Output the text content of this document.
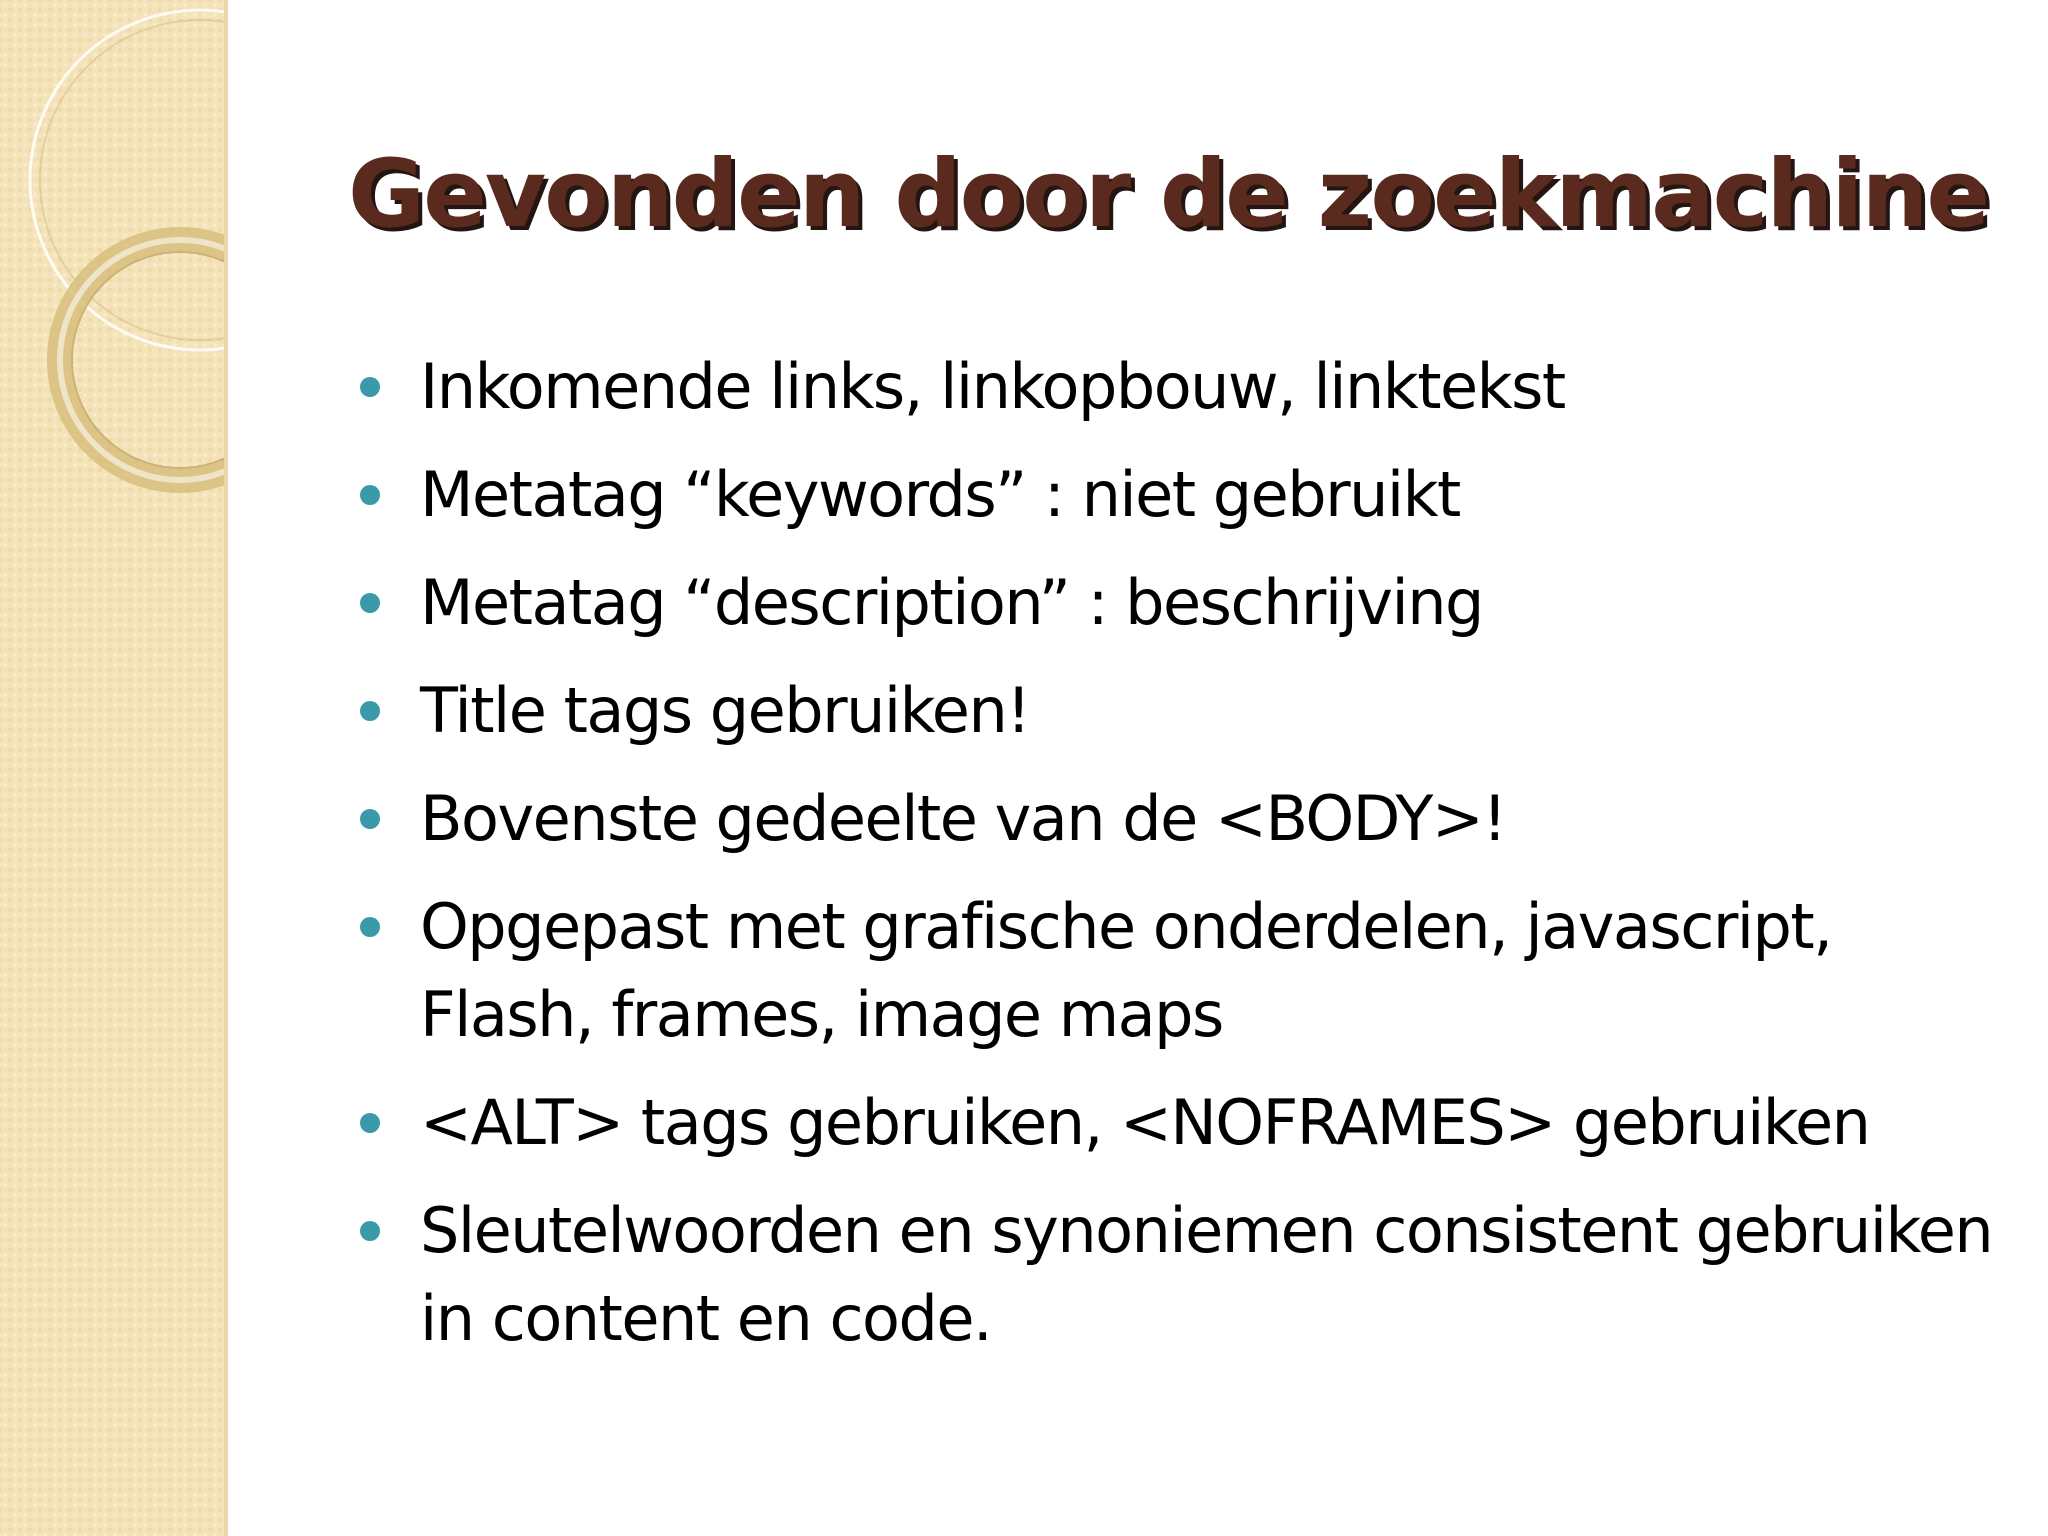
Gevonden door de zoekmachine
Inkomende links, linkopbouw, linktekst
Metatag “keywords” : niet gebruikt
Metatag “description” : beschrijving
Title tags gebruiken!
Bovenste gedeelte van de <BODY>!
Opgepast met grafische onderdelen, javascript, Flash, frames, image maps
<ALT> tags gebruiken, <NOFRAMES> gebruiken
Sleutelwoorden en synoniemen consistent gebruiken in content en code.
